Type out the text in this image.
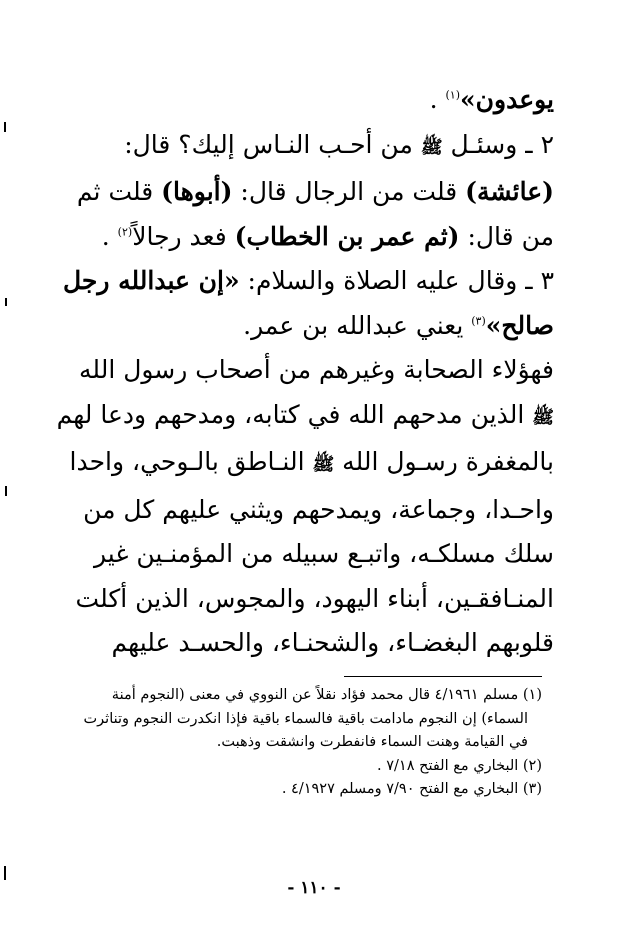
يوعدون»$^{(١)}$ .
٢ ـ وسئـل ﷺ من أحـب النـاس إليك؟ قال:
(عائشة) قلت من الرجال قال: (أبوها) قلت ثم
من قال: (ثم عمر بن الخطاب) فعد رجالاً$^{(٢)}$ .
٣ ـ وقال عليه الصلاة والسلام: «إن عبدالله رجل
صالح»$^{(٣)}$ يعني عبدالله بن عمر.
فهؤلاء الصحابة وغيرهم من أصحاب رسول الله
ﷺ الذين مدحهم الله في كتابه، ومدحهم ودعا لهم
بالمغفرة رسـول الله ﷺ النـاطق بالـوحي، واحدا
واحـدا، وجماعة، ويمدحهم ويثني عليهم كل من
سلك مسلكـه، واتبـع سبيله من المؤمنـين غير
المنـافقـين، أبناء اليهود، والمجوس، الذين أكلت
قلوبهم البغضـاء، والشحنـاء، والحسـد عليهم
(١) مسلم ٤/١٩٦١ قال محمد فؤاد نقلاً عن النووي في معنى (النجوم أمنة
السماء) إن النجوم مادامت باقية فالسماء باقية فإذا انكدرت النجوم وتناثرت
في القيامة وهنت السماء فانفطرت وانشقت وذهبت.
(٢) البخاري مع الفتح ٧/١٨ .
(٣) البخاري مع الفتح ٧/٩٠ ومسلم ٤/١٩٢٧ .
- ١١٠ -
